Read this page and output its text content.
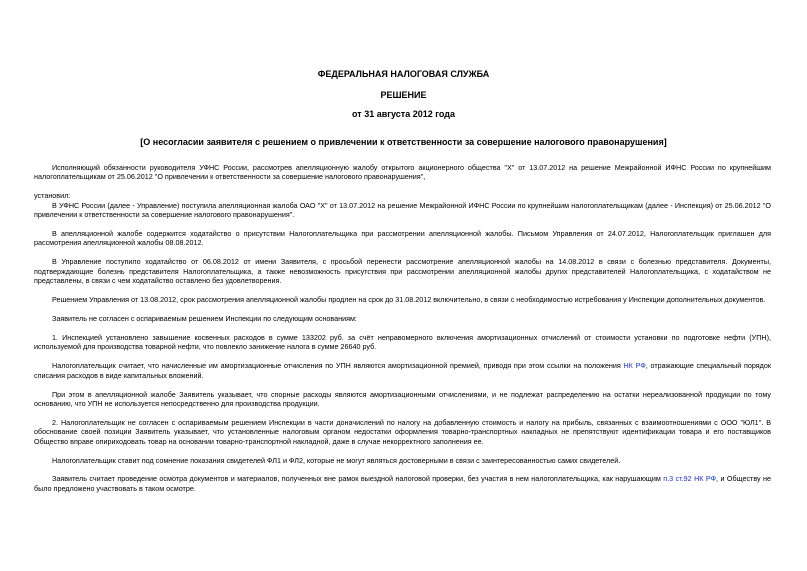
ФЕДЕРАЛЬНАЯ НАЛОГОВАЯ СЛУЖБА
РЕШЕНИЕ
от 31 августа 2012 года
[О несогласии заявителя с решением о привлечении к ответственности за совершение налогового правонарушения]

Исполняющий обязанности руководителя УФНС России, рассмотрев апелляционную жалобу открытого акционерного общества "Х" от 13.07.2012 на решение Межрайонной ИФНС России по крупнейшим налогоплательщикам от 25.06.2012 "О привлечении к ответственности за совершение налогового правонарушения",

установил:

В УФНС России (далее - Управление) поступила апелляционная жалоба ОАО "Х" от 13.07.2012 на решение Межрайонной ИФНС России по крупнейшим налогоплательщикам (далее - Инспекция) от 25.06.2012 "О привлечении к ответственности за совершение налогового правонарушения".

В апелляционной жалобе содержится ходатайство о присутствии Налогоплательщика при рассмотрении апелляционной жалобы. Письмом Управления от 24.07.2012, Налогоплательщик приглашен для рассмотрения апелляционной жалобы 08.08.2012.

В Управление поступило ходатайство от 06.08.2012 от имени Заявителя, с просьбой перенести рассмотрение апелляционной жалобы на 14.08.2012 в связи с болезнью представителя. Документы, подтверждающие болезнь представителя Налогоплательщика, а также невозможность присутствия при рассмотрении апелляционной жалобы других представителей Налогоплательщика, с ходатайством не представлены, в связи с чем ходатайство оставлено без удовлетворения.

Решением Управления от 13.08.2012, срок рассмотрения апелляционной жалобы продлен на срок до 31.08.2012 включительно, в связи с необходимостью истребования у Инспекции дополнительных документов.

Заявитель не согласен с оспариваемым решением Инспекции по следующим основаниям:

1. Инспекцией установлено завышение косвенных расходов в сумме 133202 руб. за счёт неправомерного включения амортизационных отчислений от стоимости установки по подготовке нефти (УПН), используемой для производства товарной нефти, что повлекло занижение налога в сумме 26640 руб.

Налогоплательщик считает, что начисленные им амортизационные отчисления по УПН являются амортизационной премией, приводя при этом ссылки на положения НК РФ, отражающие специальный порядок списания расходов в виде капитальных вложений.

При этом в апелляционной жалобе Заявитель указывает, что спорные расходы являются амортизационными отчислениями, и не подлежат распределению на остатки нереализованной продукции по тому основанию, что УПН не используется непосредственно для производства продукции.

2. Налогоплательщик не согласен с оспариваемым решением Инспекции в части доначислений по налогу на добавленную стоимость и налогу на прибыль, связанных с взаимоотношениями с ООО "ЮЛ1". В обоснование своей позиции Заявитель указывает, что установленные налоговым органом недостатки оформления товарно-транспортных накладных не препятствуют идентификации товара и его поставщиков Общество вправе опириходовать товар на основании товарно-транспортной накладной, даже в случае некорректного заполнения ее.

Налогоплательщик ставит под сомнение показания свидетелей ФЛ1 и ФЛ2, которые не могут являться достоверными в связи с заинтересованностью самих свидетелей.

Заявитель считает проведение осмотра документов и материалов, полученных вне рамок выездной налоговой проверки, без участия в нем налогоплательщика, как нарушающим п.3 ст.92 НК РФ, и Обществу не было предложено участвовать в таком осмотре.
